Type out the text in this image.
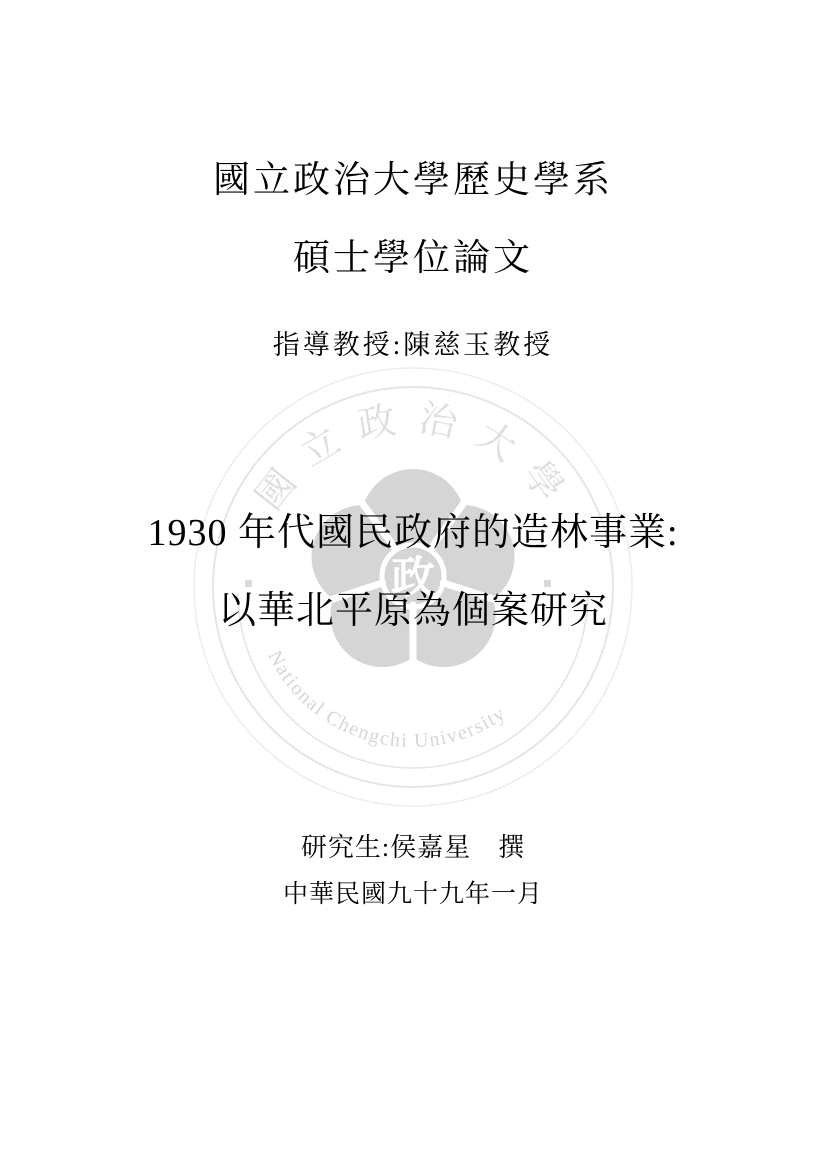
政
國立政治大學
National Chengchi University
國立政治大學歷史學系
碩士學位論文
指導教授:陳慈玉教授
1930 年代國民政府的造林事業:
以華北平原為個案研究
研究生:侯嘉星　撰
中華民國九十九年一月
